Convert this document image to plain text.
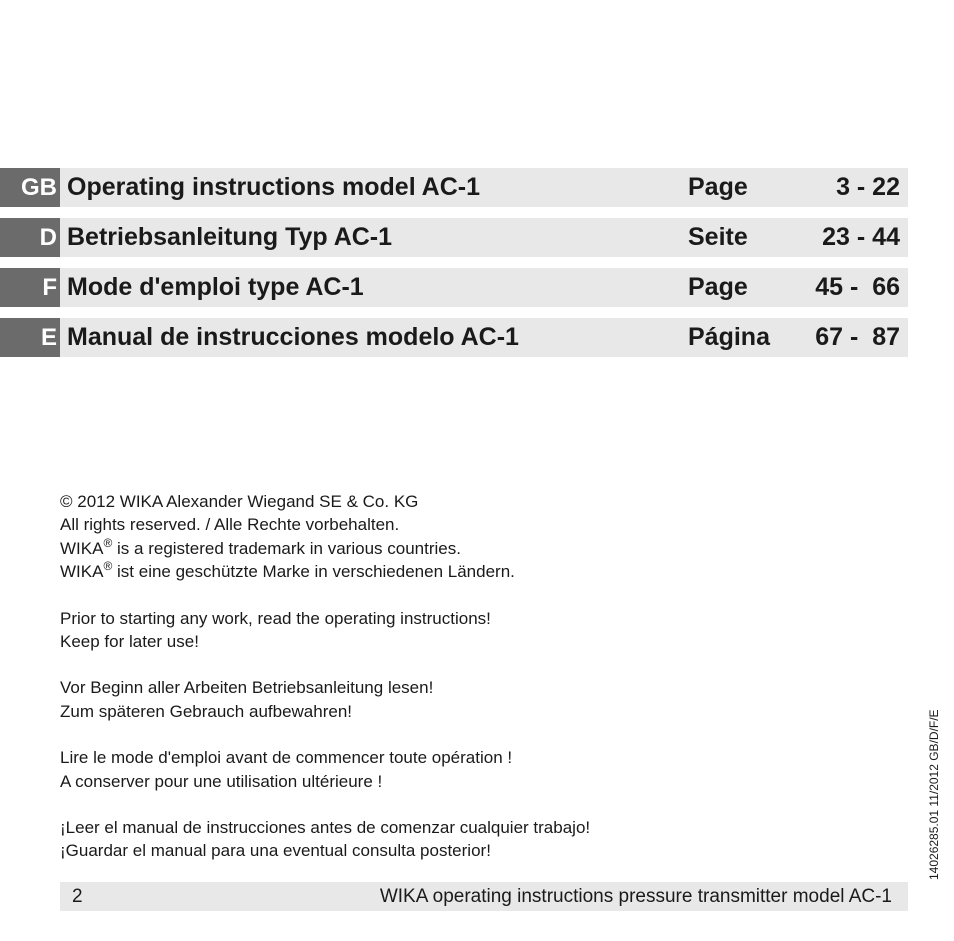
GB Operating instructions model AC-1	Page	3 - 22
D Betriebsanleitung Typ AC-1	Seite	23 - 44
F Mode d'emploi type AC-1	Page	45 -  66
E Manual de instrucciones modelo AC-1	Página 67 -  87
© 2012 WIKA Alexander Wiegand SE & Co. KG
All rights reserved. / Alle Rechte vorbehalten.
WIKA® is a registered trademark in various countries.
WIKA® ist eine geschützte Marke in verschiedenen Ländern.
Prior to starting any work, read the operating instructions!
Keep for later use!
Vor Beginn aller Arbeiten Betriebsanleitung lesen!
Zum späteren Gebrauch aufbewahren!
Lire le mode d'emploi avant de commencer toute opération !
A conserver pour une utilisation ultérieure !
¡Leer el manual de instrucciones antes de comenzar cualquier trabajo!
¡Guardar el manual para una eventual consulta posterior!	14026285.01 11/2012 GB/D/F/E
2	WIKA operating instructions pressure transmitter model AC-1
